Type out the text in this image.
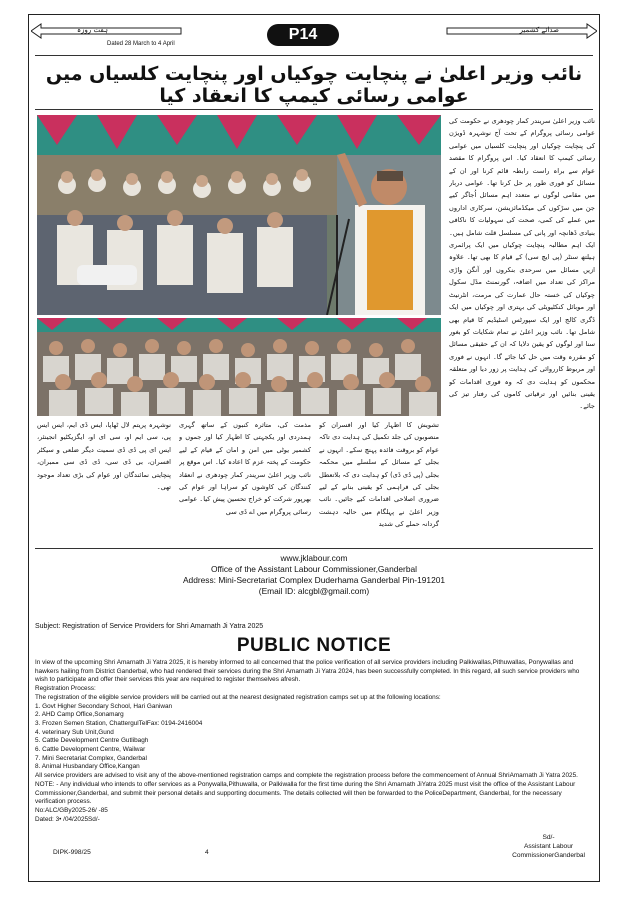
ہفت روزہ	صدائے کشمیر
Dated 28 March to 4 April
P14
نائب وزیر اعلیٰ نے پنچایت چوکیاں اور پنچایت کلسیاں میں عوامی رسائی کیمپ کا انعقاد کیا
نائب وزیر اعلیٰ سریندر کمار چودھری نے حکومت کی عوامی رسائی پروگرام کے تحت آج نوشہرہ ڈویژن کی پنچایت چوکیاں اور پنچایت کلسیاں میں عوامی رسائی کیمپ کا انعقاد کیا۔ اس پروگرام کا مقصد عوام سے براہ راست رابطہ قائم کرنا اور ان کے مسائل کو فوری طور پر حل کرنا تھا۔ عوامی دربار میں مقامی لوگوں نے متعدد اہم مسائل اُجاگر کیے جن میں سڑکوں کی میکڈمائزیشن، سرکاری اداروں میں عملے کی کمی، صحت کی سہولیات کا ناکافی بنیادی ڈھانچہ اور پانی کی مسلسل قلت شامل ہیں۔ ایک اہم مطالبہ پنچایت چوکیاں میں ایک پرائمری ہیلتھ سنٹر (پی ایچ سی) کے قیام کا بھی تھا۔ علاوہ ازیں مسائل میں سرحدی بنکروں اور آنگن واڑی مراکز کی تعداد میں اضافہ، گورنمنٹ مڈل سکول چوکیاں کی خستہ حال عمارت کی مرمت، انٹرنیٹ اور موبائل کنکٹیویٹی کی بہتری اور چوکیاں میں ایک ڈگری کالج اور ایک سپورٹس اسٹیڈیم کا قیام بھی شامل تھا۔ نائب وزیر اعلیٰ نے تمام شکایات کو بغور سنا اور لوگوں کو یقین دلایا کہ ان کے حقیقی مسائل کو مقررہ وقت میں حل کیا جائے گا۔ انہوں نے فوری اور مربوط کارروائی کی ہدایت پر زور دیا اور متعلقہ محکموں کو ہدایت دی کہ وہ فوری اقدامات کو یقینی بنائیں اور ترقیاتی کاموں کی رفتار تیز کی جائے۔
تشویش کا اظہار کیا اور افسران کو منصوبوں کی جلد تکمیل کی ہدایت دی تاکہ عوام کو بروقت فائدہ پہنچ سکے۔ انہوں نے بجلی کے مسائل کے سلسلے میں محکمہ بجلی (پی ڈی ڈی) کو ہدایت دی کہ بلاتعطل بجلی کی فراہمی کو یقینی بنانے کے لیے ضروری اصلاحی اقدامات کیے جائیں۔ نائب وزیر اعلیٰ نے پہلگام میں حالیہ دہشت گردانہ حملے کی شدید
مذمت کی، متاثرہ کنبوں کے ساتھ گہری ہمدردی اور یکجہتی کا اظہار کیا اور جموں و کشمیر یوٹی میں امن و امان کے قیام کے لیے حکومت کے پختہ عزم کا اعادہ کیا۔ اس موقع پر نائب وزیر اعلیٰ سریندر کمار چودھری نے انعقاد کنندگان کی کاوشوں کو سراہا اور عوام کی بھرپور شرکت کو خراج تحسین پیش کیا۔ عوامی رسائی پروگرام میں اے ڈی سی
نوشہرہ پریتم لال ٹھاپا، ایس ڈی ایم، ایس ایس پی، سی ایم او، سی ای او، ایگزیکٹیو انجینئر، ایس ای پی ڈی ڈی سمیت دیگر ضلعی و سیکٹر افسران، بی ڈی سی، ڈی ڈی سی ممبران، پنچایتی نمائندگان اور عوام کی بڑی تعداد موجود تھی۔
www.jklabour.com
Office of the Assistant Labour Commissioner,Ganderbal
Address: Mini-Secretariat Complex Duderhama Ganderbal Pin-191201
(Email ID: alcgbl@gmail.com)
Subject: Registration of Service Providers for Shri Amarnath Ji Yatra 2025
PUBLIC NOTICE

In view of the upcoming Shri Amarnath Ji Yatra 2025, it is hereby informed to all concerned that the police verification of all service providers including Palkiwallas,Pithuwallas, Ponywallas and hawkers hailing from District Ganderbal, who had rendered their services during the Shri Amarnath Ji Yatra 2024, has been successfully completed. In this regard, all such service providers who wish to participate and offer their services this year are required to register themselves afresh.

Registration Process:

The registration of the eligible service providers will be carried out at the nearest designated registration camps set up at the following locations:

1. Govt Higher Secondary School, Hari Ganiwan

2. AHD Camp Office,Sonamarg

3. Frozen Semen Station, ChattergulTelFax: 0194-2416004

4. veterinary Sub Unit,Gund

5. Cattle Development Centre Gutlibagh

6. Cattle Development Centre, Wailwar

7. Mini Secretariat Complex, Ganderbal

8. Animal Husbandary Office,Kangan

All service providers are advised to visit any of the above-mentioned registration camps and complete the registration process before the commencement of Annual ShriAmarnath Ji Yatra 2025.

NOTE: - Any individual who intends to offer services as a Ponywalla,Pithuwalla, or Palkiwalla for the first time during the Shri Amarnath JiYatra 2025 must visit the office of the Assistant Labour Commissioner,Ganderbal, and submit their personal details and supporting documents. The details collected will then be forwarded to the PoliceDepartment, Ganderbal, for the necessary verification process.

No:ALC/GBy2025-26/ -85

Dated: 3• /04/2025Sd/-

Sd/-
Assistant Labour
CommissionerGanderbal
DIPK-998/25	4
